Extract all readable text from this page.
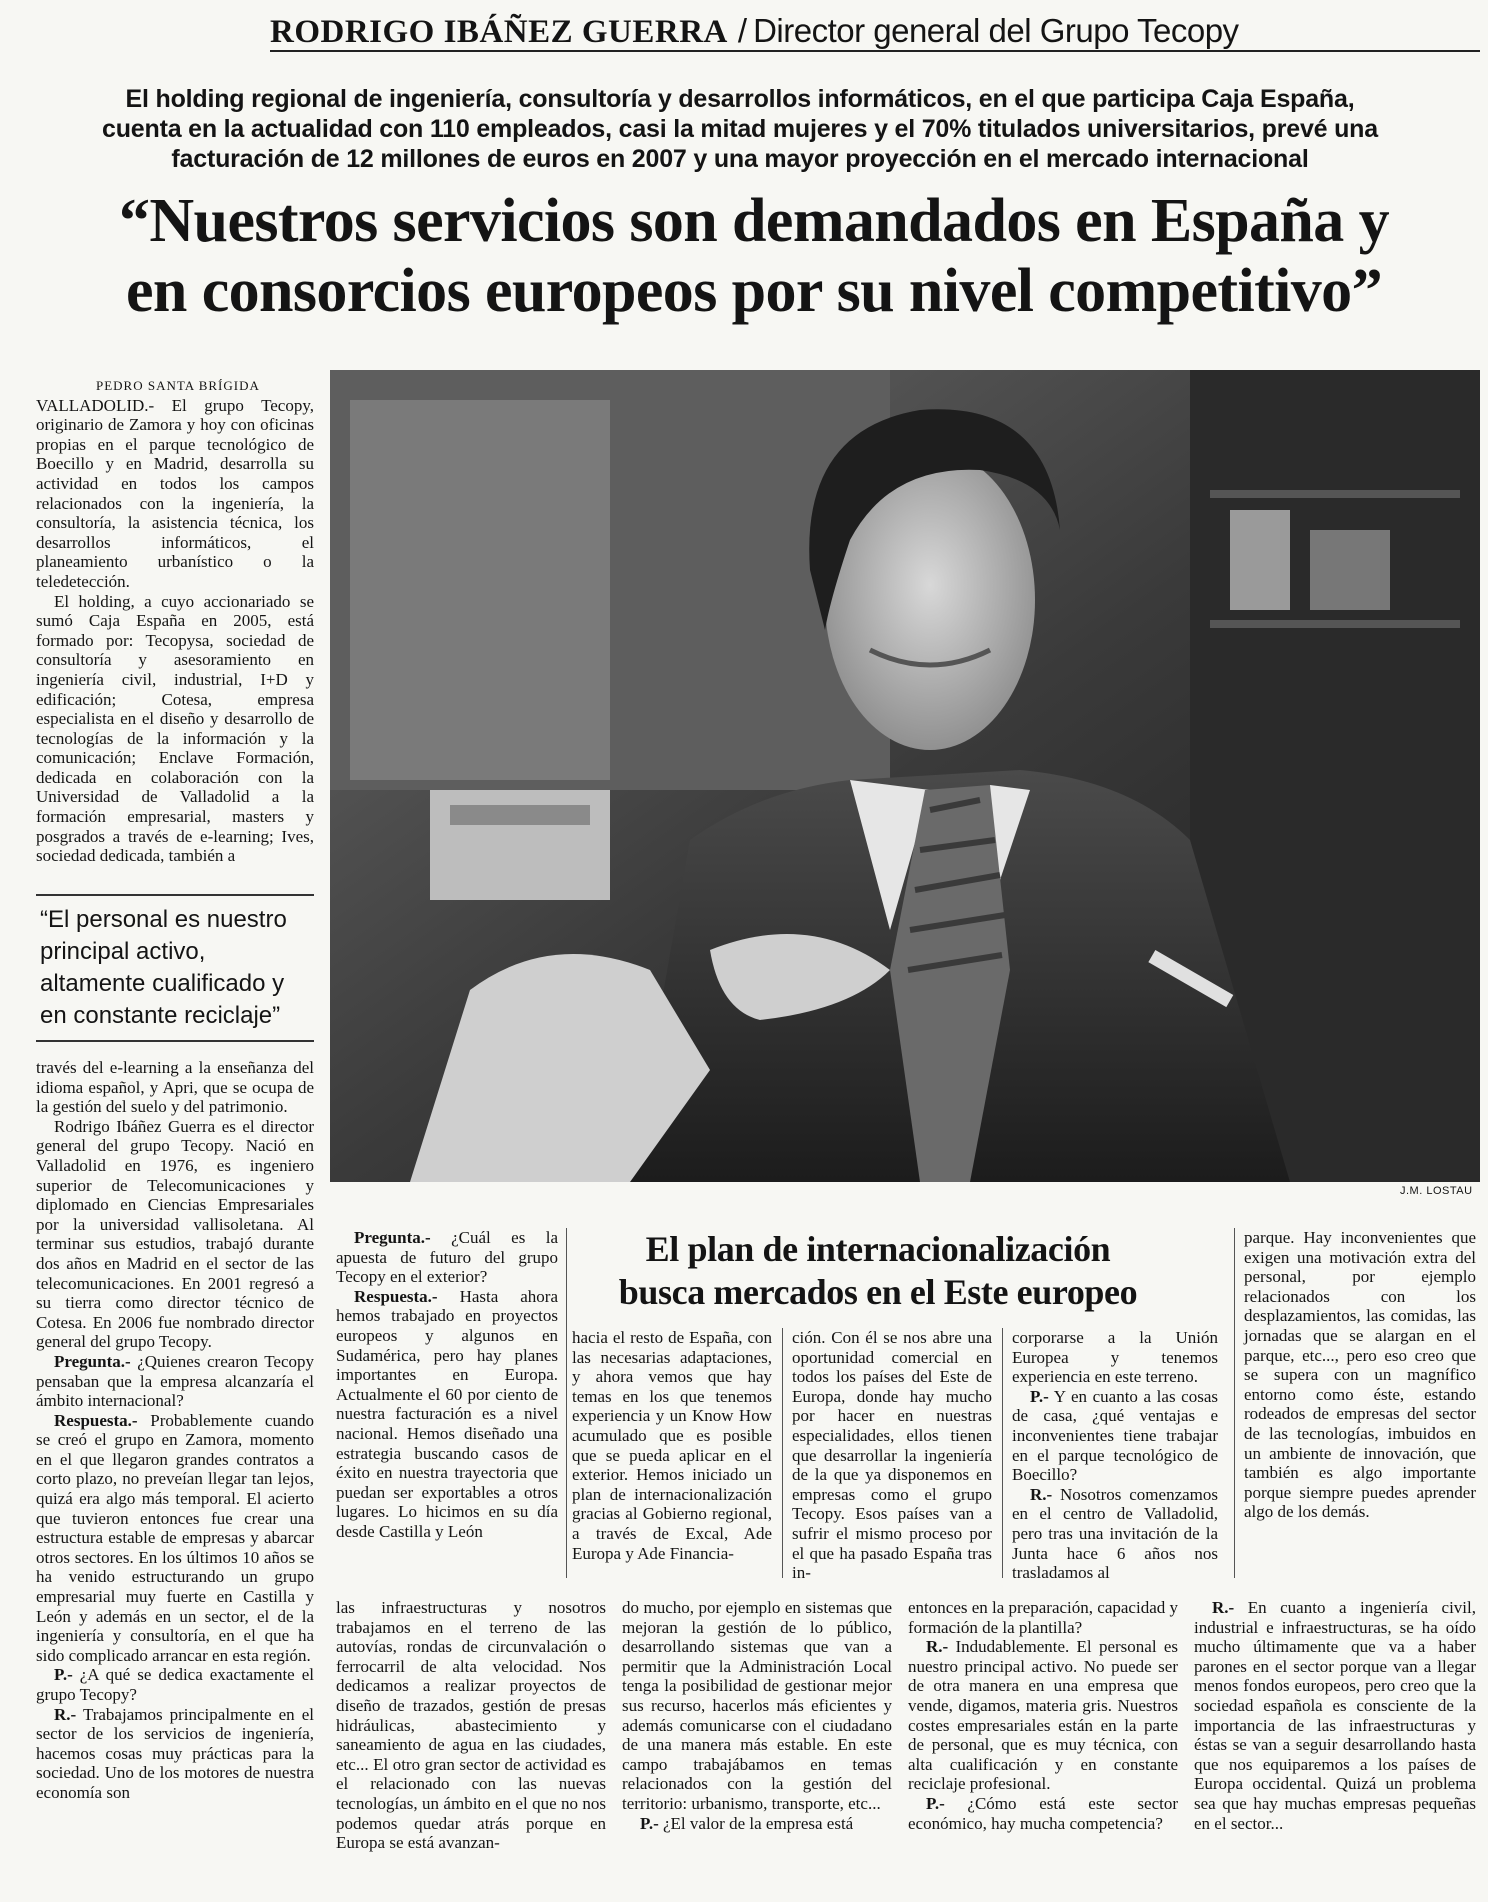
RODRIGO IBÁÑEZ GUERRA / Director general del Grupo Tecopy
El holding regional de ingeniería, consultoría y desarrollos informáticos, en el que participa Caja España,
cuenta en la actualidad con 110 empleados, casi la mitad mujeres y el 70% titulados universitarios, prevé una
facturación de 12 millones de euros en 2007 y una mayor proyección en el mercado internacional
“Nuestros servicios son demandados en España y
en consorcios europeos por su nivel competitivo”

PEDRO SANTA BRÍGIDA

VALLADOLID.- El grupo Tecopy, originario de Zamora y hoy con oficinas propias en el parque tecnológico de Boecillo y en Madrid, desarrolla su actividad en todos los campos relacionados con la ingeniería, la consultoría, la asistencia técnica, los desarrollos informáticos, el planeamiento urbanístico o la teledetección.

El holding, a cuyo accionariado se sumó Caja España en 2005, está formado por: Tecopysa, sociedad de consultoría y asesoramiento en ingeniería civil, industrial, I+D y edificación; Cotesa, empresa especialista en el diseño y desarrollo de tecnologías de la información y la comunicación; Enclave Formación, dedicada en colaboración con la Universidad de Valladolid a la formación empresarial, masters y posgrados a través de e-learning; Ives, sociedad dedicada, también a

“El personal es nuestro
principal activo,
altamente cualificado y
en constante reciclaje”

través del e-learning a la enseñanza del idioma español, y Apri, que se ocupa de la gestión del suelo y del patrimonio.

Rodrigo Ibáñez Guerra es el director general del grupo Tecopy. Nació en Valladolid en 1976, es ingeniero superior de Telecomunicaciones y diplomado en Ciencias Empresariales por la universidad vallisoletana. Al terminar sus estudios, trabajó durante dos años en Madrid en el sector de las telecomunicaciones. En 2001 regresó a su tierra como director técnico de Cotesa. En 2006 fue nombrado director general del grupo Tecopy.

Pregunta.- ¿Quienes crearon Tecopy pensaban que la empresa alcanzaría el ámbito internacional?

Respuesta.- Probablemente cuando se creó el grupo en Zamora, momento en el que llegaron grandes contratos a corto plazo, no preveían llegar tan lejos, quizá era algo más temporal. El acierto que tuvieron entonces fue crear una estructura estable de empresas y abarcar otros sectores. En los últimos 10 años se ha venido estructurando un grupo empresarial muy fuerte en Castilla y León y además en un sector, el de la ingeniería y consultoría, en el que ha sido complicado arrancar en esta región.

P.- ¿A qué se dedica exactamente el grupo Tecopy?

R.- Trabajamos principalmente en el sector de los servicios de ingeniería, hacemos cosas muy prácticas para la sociedad. Uno de los motores de nuestra economía son

J.M. LOSTAU
El plan de internacionalización
busca mercados en el Este europeo

Pregunta.- ¿Cuál es la apuesta de futuro del grupo Tecopy en el exterior?

Respuesta.- Hasta ahora hemos trabajado en proyectos europeos y algunos en Sudamérica, pero hay planes importantes en Europa. Actualmente el 60 por ciento de nuestra facturación es a nivel nacional. Hemos diseñado una estrategia buscando casos de éxito en nuestra trayectoria que puedan ser exportables a otros lugares. Lo hicimos en su día desde Castilla y León

hacia el resto de España, con las necesarias adaptaciones, y ahora vemos que hay temas en los que tenemos experiencia y un Know How acumulado que es posible que se pueda aplicar en el exterior. Hemos iniciado un plan de internacionalización gracias al Gobierno regional, a través de Excal, Ade Europa y Ade Financia-

ción. Con él se nos abre una oportunidad comercial en todos los países del Este de Europa, donde hay mucho por hacer en nuestras especialidades, ellos tienen que desarrollar la ingeniería de la que ya disponemos en empresas como el grupo Tecopy. Esos países van a sufrir el mismo proceso por el que ha pasado España tras in-

corporarse a la Unión Europea y tenemos experiencia en este terreno.

P.- Y en cuanto a las cosas de casa, ¿qué ventajas e inconvenientes tiene trabajar en el parque tecnológico de Boecillo?

R.- Nosotros comenzamos en el centro de Valladolid, pero tras una invitación de la Junta hace 6 años nos trasladamos al

parque. Hay inconvenientes que exigen una motivación extra del personal, por ejemplo relacionados con los desplazamientos, las comidas, las jornadas que se alargan en el parque, etc..., pero eso creo que se supera con un magnífico entorno como éste, estando rodeados de empresas del sector de las tecnologías, imbuidos en un ambiente de innovación, que también es algo importante porque siempre puedes aprender algo de los demás.

las infraestructuras y nosotros trabajamos en el terreno de las autovías, rondas de circunvalación o ferrocarril de alta velocidad. Nos dedicamos a realizar proyectos de diseño de trazados, gestión de presas hidráulicas, abastecimiento y saneamiento de agua en las ciudades, etc... El otro gran sector de actividad es el relacionado con las nuevas tecnologías, un ámbito en el que no nos podemos quedar atrás porque en Europa se está avanzan-

do mucho, por ejemplo en sistemas que mejoran la gestión de lo público, desarrollando sistemas que van a permitir que la Administración Local tenga la posibilidad de gestionar mejor sus recurso, hacerlos más eficientes y además comunicarse con el ciudadano de una manera más estable. En este campo trabajábamos en temas relacionados con la gestión del territorio: urbanismo, transporte, etc...

P.- ¿El valor de la empresa está

entonces en la preparación, capacidad y formación de la plantilla?

R.- Indudablemente. El personal es nuestro principal activo. No puede ser de otra manera en una empresa que vende, digamos, materia gris. Nuestros costes empresariales están en la parte de personal, que es muy técnica, con alta cualificación y en constante reciclaje profesional.

P.- ¿Cómo está este sector económico, hay mucha competencia?

R.- En cuanto a ingeniería civil, industrial e infraestructuras, se ha oído mucho últimamente que va a haber parones en el sector porque van a llegar menos fondos europeos, pero creo que la sociedad española es consciente de la importancia de las infraestructuras y éstas se van a seguir desarrollando hasta que nos equiparemos a los países de Europa occidental. Quizá un problema sea que hay muchas empresas pequeñas en el sector...
